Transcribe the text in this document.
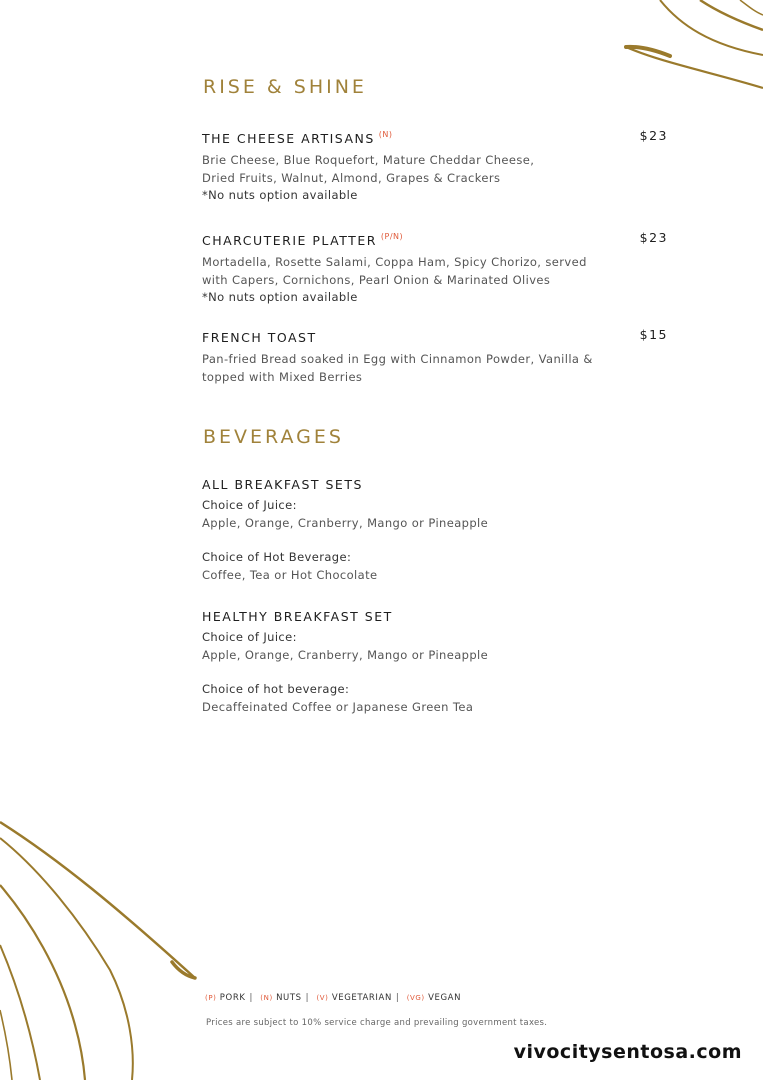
RISE & SHINE
THE CHEESE ARTISANS $^{(N)}$	$23
Brie Cheese, Blue Roquefort, Mature Cheddar Cheese,
Dried Fruits, Walnut, Almond, Grapes & Crackers
*No nuts option available
CHARCUTERIE PLATTER $^{(P/N)}$	$23
Mortadella, Rosette Salami, Coppa Ham, Spicy Chorizo, served
with Capers, Cornichons, Pearl Onion & Marinated Olives
*No nuts option available
FRENCH TOAST	$15
Pan-fried Bread soaked in Egg with Cinnamon Powder, Vanilla &
topped with Mixed Berries
BEVERAGES
ALL BREAKFAST SETS
Choice of Juice:
Apple, Orange, Cranberry, Mango or Pineapple
Choice of Hot Beverage:
Coffee, Tea or Hot Chocolate
HEALTHY BREAKFAST SET
Choice of Juice:
Apple, Orange, Cranberry, Mango or Pineapple
Choice of hot beverage:
Decaffeinated Coffee or Japanese Green Tea
(P) PORK | (N) NUTS | (V) VEGETARIAN | (VG) VEGAN
Prices are subject to 10% service charge and prevailing government taxes.
vivocitysentosa.com
